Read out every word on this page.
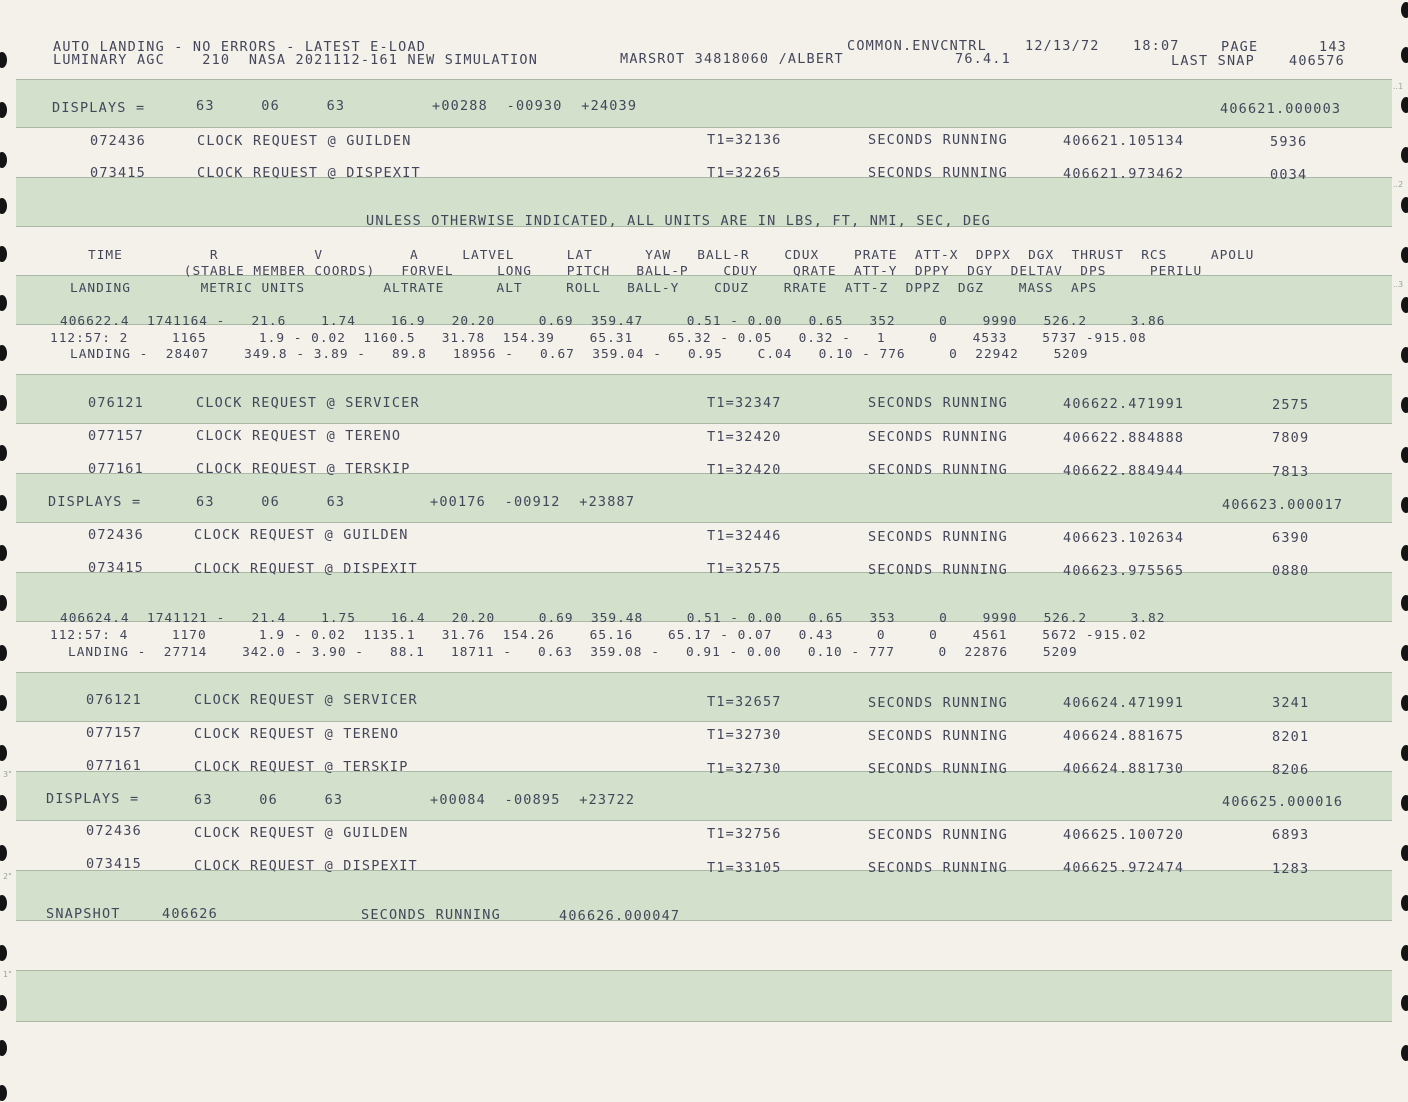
..1
..2
..3
3"
2"
1"
AUTO LANDING - NO ERRORS - LATEST E-LOAD	COMMON.ENVCNTRL	12/13/72 18:07	PAGE	143
LUMINARY AGC    210  NASA 2021112-161 NEW SIMULATION	MARSROT 34818060 /ALBERT	76.4.1	LAST SNAP	406576
DISPLAYS =	63     06     63	+00288  -00930  +24039	406621.000003
072436	CLOCK REQUEST @ GUILDEN	T1=32136	SECONDS RUNNING	406621.105134	5936
073415	CLOCK REQUEST @ DISPEXIT	T1=32265	SECONDS RUNNING	406621.973462	0034
UNLESS OTHERWISE INDICATED, ALL UNITS ARE IN LBS, FT, NMI, SEC, DEG
TIME          R           V          A     LATVEL      LAT      YAW   BALL-R    CDUX    PRATE  ATT-X  DPPX  DGX  THRUST  RCS     APOLU
(STABLE MEMBER COORDS)   FORVEL     LONG    PITCH   BALL-P    CDUY    QRATE  ATT-Y  DPPY  DGY  DELTAV  DPS     PERILU
LANDING        METRIC UNITS         ALTRATE      ALT     ROLL   BALL-Y    CDUZ    RRATE  ATT-Z  DPPZ  DGZ    MASS  APS
406622.4  1741164 -   21.6    1.74    16.9   20.20     0.69  359.47     0.51 - 0.00   0.65   352     0    9990   526.2     3.86
112:57: 2     1165      1.9 - 0.02  1160.5   31.78  154.39    65.31    65.32 - 0.05   0.32 -   1     0    4533    5737 -915.08
LANDING -  28407    349.8 - 3.89 -   89.8   18956 -   0.67  359.04 -   0.95    C.04   0.10 - 776     0  22942    5209
076121	CLOCK REQUEST @ SERVICER	T1=32347	SECONDS RUNNING	406622.471991	2575
077157	CLOCK REQUEST @ TERENO	T1=32420	SECONDS RUNNING	406622.884888	7809
077161	CLOCK REQUEST @ TERSKIP	T1=32420	SECONDS RUNNING	406622.884944	7813
DISPLAYS =	63     06     63	+00176  -00912  +23887	406623.000017
072436	CLOCK REQUEST @ GUILDEN	T1=32446	SECONDS RUNNING	406623.102634	6390
073415	CLOCK REQUEST @ DISPEXIT	T1=32575	SECONDS RUNNING	406623.975565	0880
406624.4  1741121 -   21.4    1.75    16.4   20.20     0.69  359.48     0.51 - 0.00   0.65   353     0    9990   526.2     3.82
112:57: 4     1170      1.9 - 0.02  1135.1   31.76  154.26    65.16    65.17 - 0.07   0.43     0     0    4561    5672 -915.02
LANDING -  27714    342.0 - 3.90 -   88.1   18711 -   0.63  359.08 -   0.91 - 0.00   0.10 - 777     0  22876    5209
076121	CLOCK REQUEST @ SERVICER	T1=32657	SECONDS RUNNING	406624.471991	3241
077157	CLOCK REQUEST @ TERENO	T1=32730	SECONDS RUNNING	406624.881675	8201
077161	CLOCK REQUEST @ TERSKIP	T1=32730	SECONDS RUNNING	406624.881730	8206
DISPLAYS =	63     06     63	+00084  -00895  +23722	406625.000016
072436	CLOCK REQUEST @ GUILDEN	T1=32756	SECONDS RUNNING	406625.100720	6893
073415	CLOCK REQUEST @ DISPEXIT	T1=33105	SECONDS RUNNING	406625.972474	1283
SNAPSHOT	406626	SECONDS RUNNING	406626.000047
